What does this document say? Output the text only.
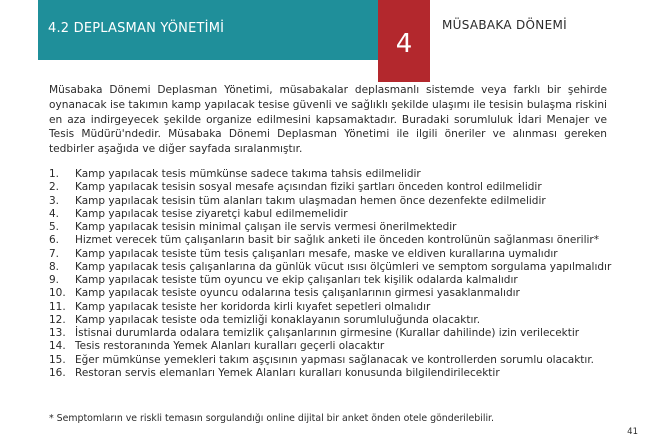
4.2 DEPLASMAN YÖNETİMİ
4
MÜSABAKA DÖNEMİ

Müsabaka Dönemi Deplasman Yönetimi, müsabakalar deplasmanlı sistemde veya farklı bir şehirde oynanacak ise takımın kamp yapılacak tesise güvenli ve sağlıklı şekilde ulaşımı ile tesisin bulaşma riskini en aza indirgeyecek şekilde organize edilmesini kapsamaktadır. Buradaki sorumluluk İdari Menajer ve Tesis Müdürü'ndedir. Müsabaka Dönemi Deplasman Yönetimi ile ilgili öneriler ve alınması gereken tedbirler aşağıda ve diğer sayfada sıralanmıştır.

1.	Kamp yapılacak tesis mümkünse sadece takıma tahsis edilmelidir
2.	Kamp yapılacak tesisin sosyal mesafe açısından fiziki şartları önceden kontrol edilmelidir
3.	Kamp yapılacak tesisin tüm alanları takım ulaşmadan hemen önce dezenfekte edilmelidir
4.	Kamp yapılacak tesise ziyaretçi kabul edilmemelidir
5.	Kamp yapılacak tesisin minimal çalışan ile servis vermesi önerilmektedir
6.	Hizmet verecek tüm çalışanların basit bir sağlık anketi ile önceden kontrolünün sağlanması önerilir*
7.	Kamp yapılacak tesiste tüm tesis çalışanları mesafe, maske ve eldiven kurallarına uymalıdır
8.	Kamp yapılacak tesis çalışanlarına da günlük vücut ısısı ölçümleri ve semptom sorgulama yapılmalıdır
9.	Kamp yapılacak tesiste tüm oyuncu ve ekip çalışanları tek kişilik odalarda kalmalıdır
10. Kamp yapılacak tesiste oyuncu odalarına tesis çalışanlarının girmesi yasaklanmalıdır
11. Kamp yapılacak tesiste her koridorda kirli kıyafet sepetleri olmalıdır
12. Kamp yapılacak tesiste oda temizliği konaklayanın sorumluluğunda olacaktır.
13. İstisnai durumlarda odalara temizlik çalışanlarının girmesine (Kurallar dahilinde) izin verilecektir
14. Tesis restoranında Yemek Alanları kuralları geçerli olacaktır
15. Eğer mümkünse yemekleri takım aşçısının yapması sağlanacak ve kontrollerden sorumlu olacaktır.
16. Restoran servis elemanları Yemek Alanları kuralları konusunda bilgilendirilecektir

* Semptomların ve riskli temasın sorgulandığı online dijital bir anket önden otele gönderilebilir.

41
